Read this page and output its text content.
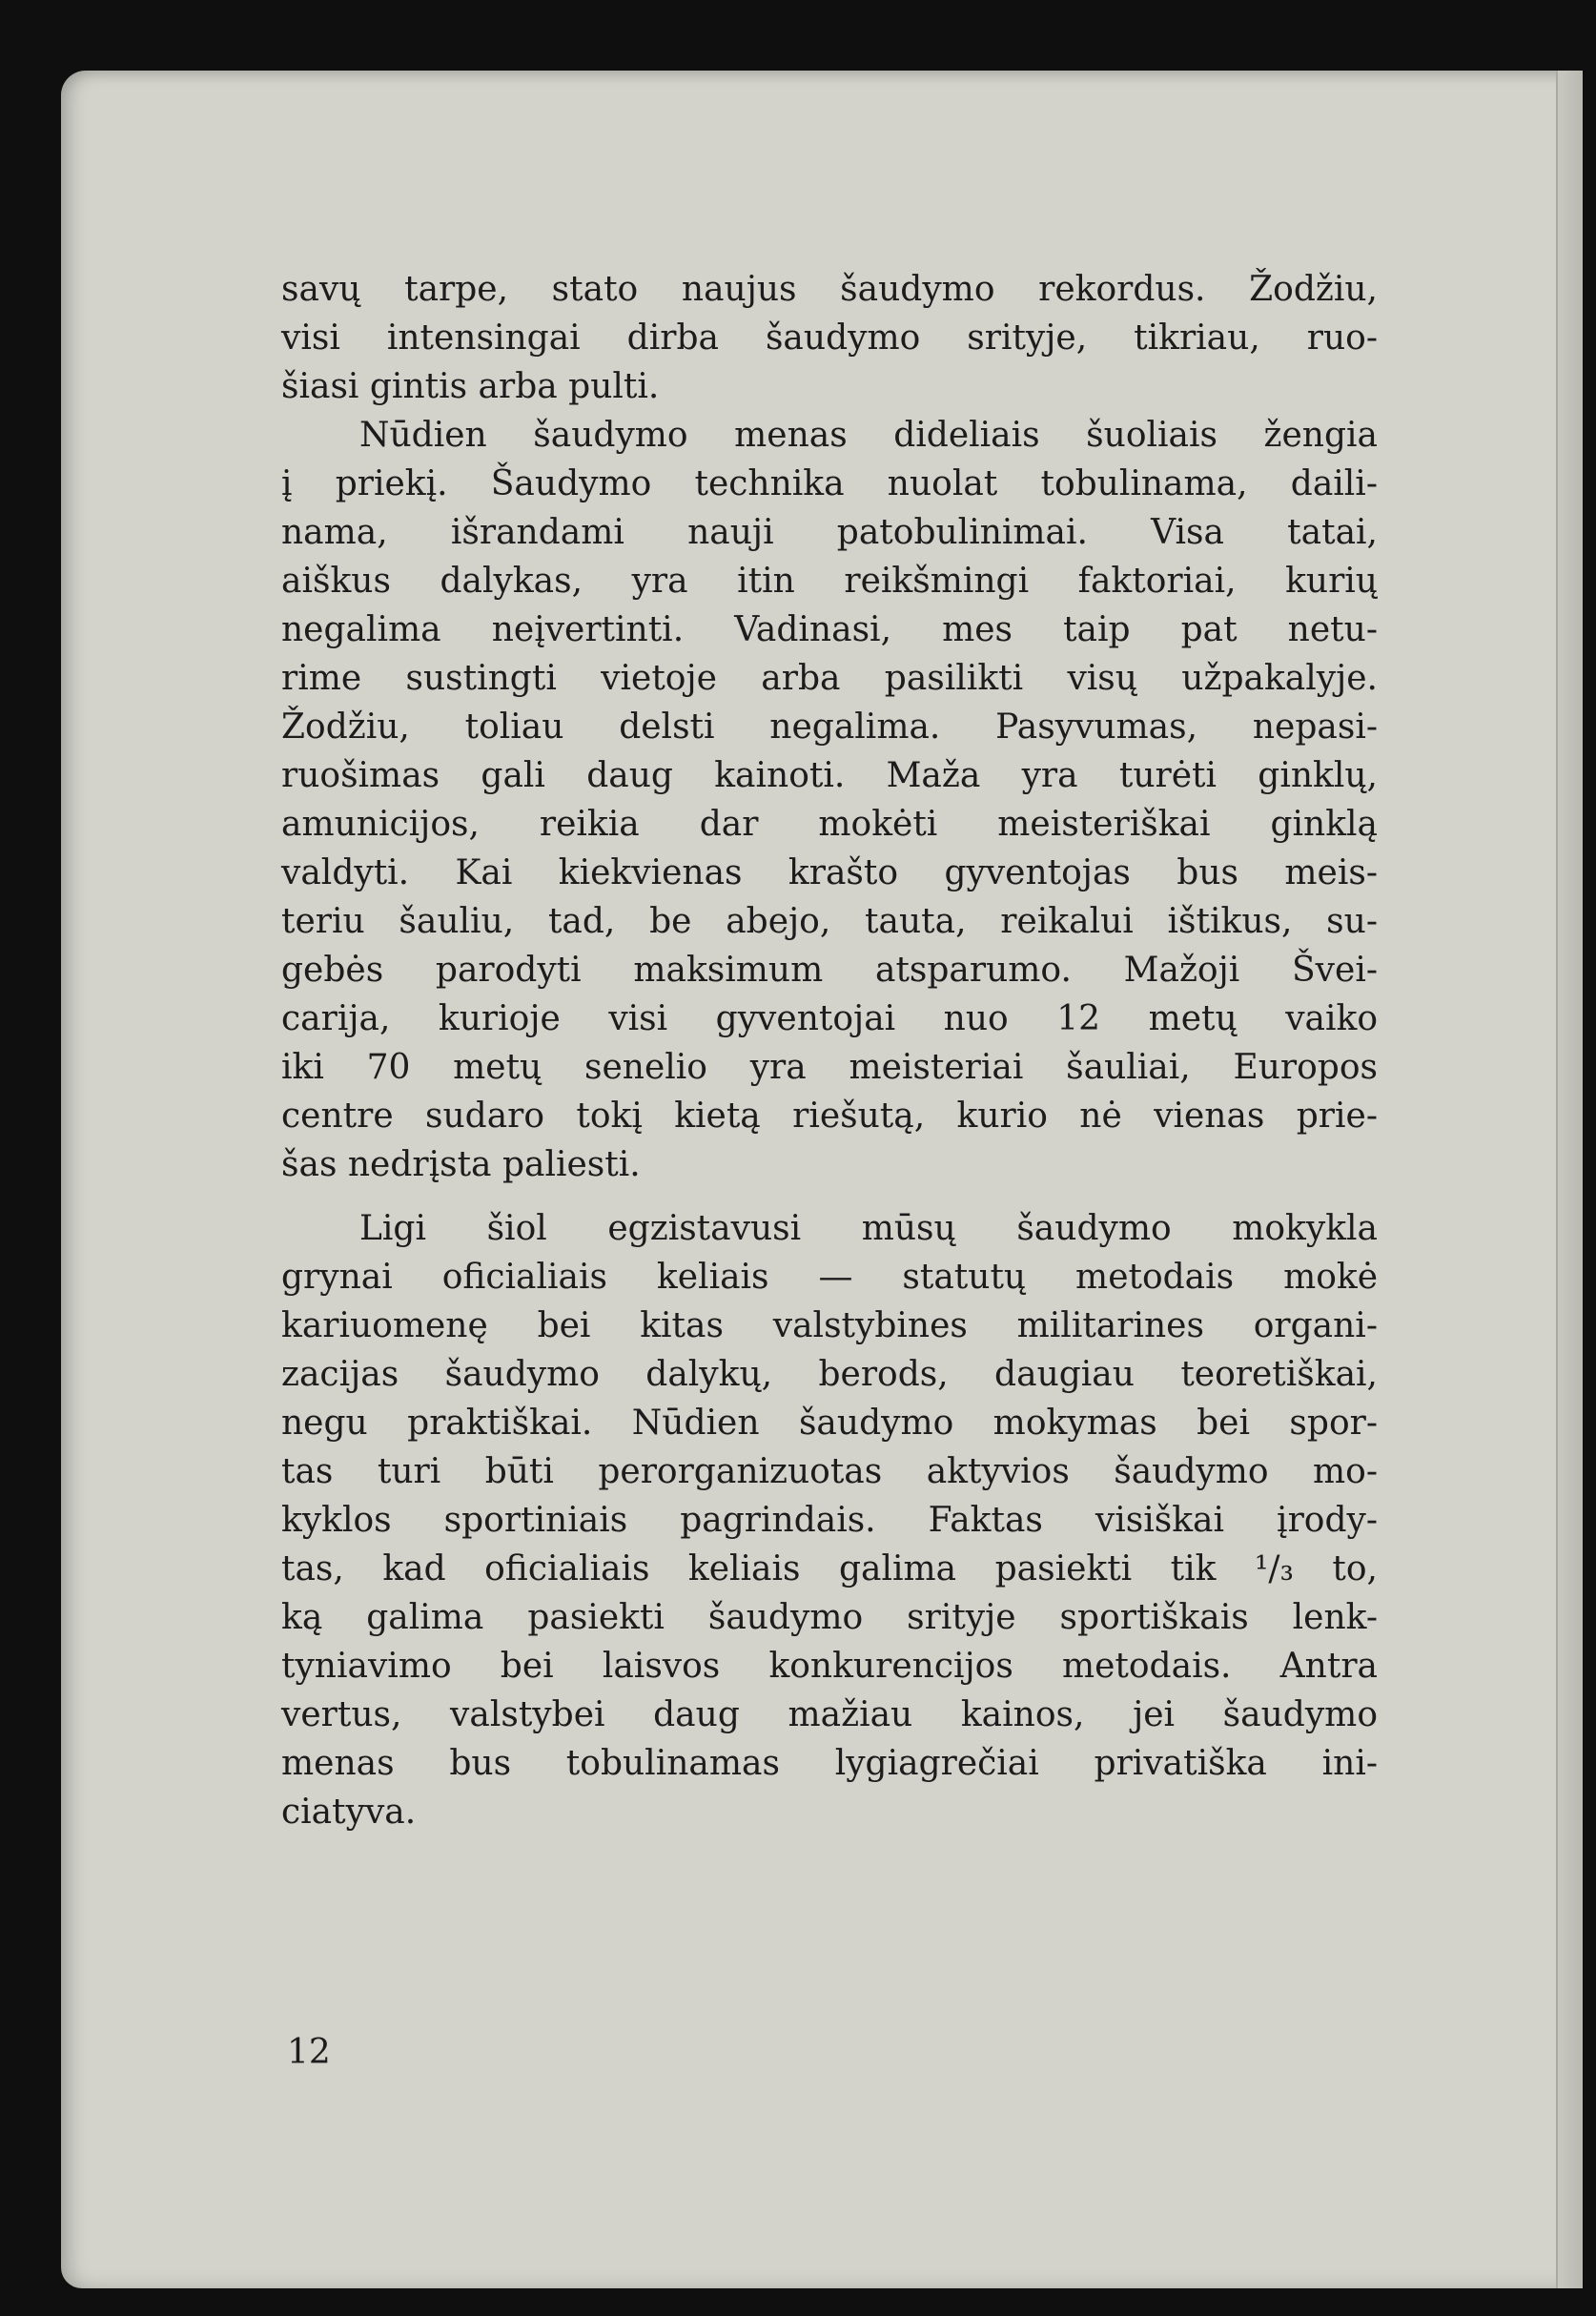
savų tarpe, stato naujus šaudymo rekordus. Žodžiu,
visi intensingai dirba šaudymo srityje, tikriau, ruo-
šiasi gintis arba pulti.
Nūdien šaudymo menas dideliais šuoliais žengia
į priekį. Šaudymo technika nuolat tobulinama, daili-
nama, išrandami nauji patobulinimai. Visa tatai,
aiškus dalykas, yra itin reikšmingi faktoriai, kurių
negalima neįvertinti. Vadinasi, mes taip pat netu-
rime sustingti vietoje arba pasilikti visų užpakalyje.
Žodžiu, toliau delsti negalima. Pasyvumas, nepasi-
ruošimas gali daug kainoti. Maža yra turėti ginklų,
amunicijos, reikia dar mokėti meisteriškai ginklą
valdyti. Kai kiekvienas krašto gyventojas bus meis-
teriu šauliu, tad, be abejo, tauta, reikalui ištikus, su-
gebės parodyti maksimum atsparumo. Mažoji Švei-
carija, kurioje visi gyventojai nuo 12 metų vaiko
iki 70 metų senelio yra meisteriai šauliai, Europos
centre sudaro tokį kietą riešutą, kurio nė vienas prie-
šas nedrįsta paliesti.
Ligi šiol egzistavusi mūsų šaudymo mokykla
grynai oficialiais keliais — statutų metodais mokė
kariuomenę bei kitas valstybines militarines organi-
zacijas šaudymo dalykų, berods, daugiau teoretiškai,
negu praktiškai. Nūdien šaudymo mokymas bei spor-
tas turi būti perorganizuotas aktyvios šaudymo mo-
kyklos sportiniais pagrindais. Faktas visiškai įrody-
tas, kad oficialiais keliais galima pasiekti tik ¹/₃ to,
ką galima pasiekti šaudymo srityje sportiškais lenk-
tyniavimo bei laisvos konkurencijos metodais. Antra
vertus, valstybei daug mažiau kainos, jei šaudymo
menas bus tobulinamas lygiagrečiai privatiška ini-
ciatyva.
12
